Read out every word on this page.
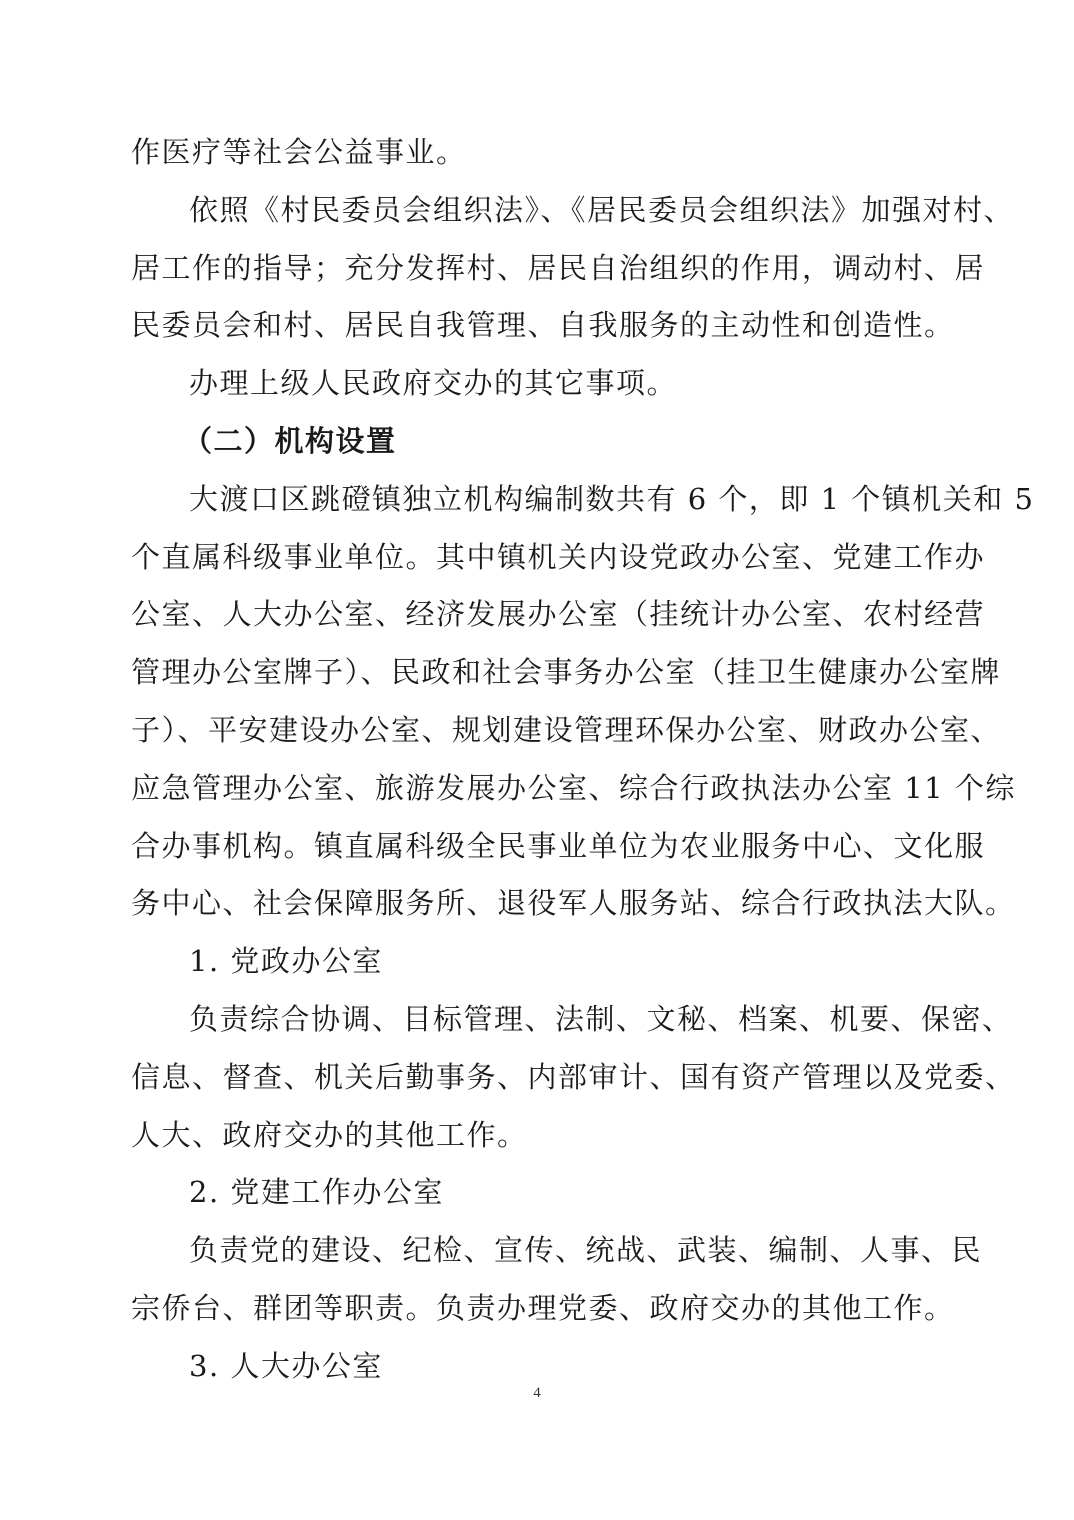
作医疗等社会公益事业。
依照《村民委员会组织法》、《居民委员会组织法》加强对村、
居工作的指导；充分发挥村、居民自治组织的作用，调动村、居
民委员会和村、居民自我管理、自我服务的主动性和创造性。
办理上级人民政府交办的其它事项。
（二）机构设置
大渡口区跳磴镇独立机构编制数共有 6 个，即 1 个镇机关和 5
个直属科级事业单位。其中镇机关内设党政办公室、党建工作办
公室、人大办公室、经济发展办公室（挂统计办公室、农村经营
管理办公室牌子）、民政和社会事务办公室（挂卫生健康办公室牌
子）、平安建设办公室、规划建设管理环保办公室、财政办公室、
应急管理办公室、旅游发展办公室、综合行政执法办公室 11 个综
合办事机构。镇直属科级全民事业单位为农业服务中心、文化服
务中心、社会保障服务所、退役军人服务站、综合行政执法大队。
1. 党政办公室
负责综合协调、目标管理、法制、文秘、档案、机要、保密、
信息、督查、机关后勤事务、内部审计、国有资产管理以及党委、
人大、政府交办的其他工作。
2. 党建工作办公室
负责党的建设、纪检、宣传、统战、武装、编制、人事、民
宗侨台、群团等职责。负责办理党委、政府交办的其他工作。
3. 人大办公室
4
